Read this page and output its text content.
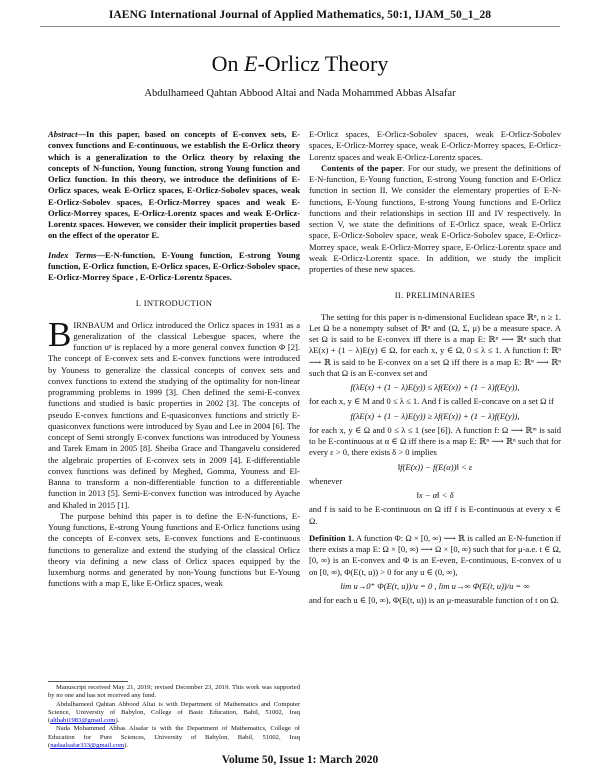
IAENG International Journal of Applied Mathematics, 50:1, IJAM_50_1_28
On E-Orlicz Theory
Abdulhameed Qahtan Abbood Altai and Nada Mohammed Abbas Alsafar

Abstract—In this paper, based on concepts of E-convex sets, E-convex functions and E-continuous, we establish the E-Orlicz theory which is a generalization to the Orlicz theory by relaxing the concepts of N-function, Young function, strong Young function and Orlicz function. In this theory, we introduce the definitions of E-Orlicz spaces, weak E-Orlicz spaces, E-Orlicz-Sobolev spaces, weak E-Orlicz-Sobolev spaces, E-Orlicz-Morrey spaces and weak E-Orlicz-Morrey spaces, E-Orlicz-Lorentz spaces and weak E-Orlicz-Lorentz spaces. However, we consider their implicit properties based on the effect of the operator E.

Index Terms—E-N-function, E-Young function, E-strong Young function, E-Orlicz function, E-Orlicz spaces, E-Orlicz-Sobolev space, E-Orlicz-Morrey Space , E-Orlicz-Lorentz Spaces.

I. INTRODUCTION

BIRNBAUM and Orlicz introduced the Orlicz spaces in 1931 as a generalization of the classical Lebesgue spaces, where the function uᵖ is replaced by a more general convex function Φ [2]. The concept of E-convex sets and E-convex functions were introduced by Youness to generalize the classical concepts of convex sets and convex functions to extend the studying of the optimality for non-linear programming problems in 1999 [3]. Chen defined the semi-E-convex functions and studied is basic properties in 2002 [3]. The concepts of pseudo E-convex functions and E-quasiconvex functions and strictly E-quasiconvex functions were introduced by Syau and Lee in 2004 [6]. The concept of Semi strongly E-convex functions was introduced by Youness and Tarek Emam in 2005 [8]. Sheiba Grace and Thangavelu considered the algebraic properties of E-convex sets in 2009 [4]. E-differentiable convex functions was defined by Meghed, Gomma, Youness and El-Banna to transform a non-differentiable function to a differentiable function in 2013 [5]. Semi-E-convex function was introduced by Ayache and Khaled in 2015 [1].

The purpose behind this paper is to define the E-N-functions, E-Young functions, E-strong Young functions and E-Orlicz functions using the concepts of E-convex sets, E-convex functions and E-continuous functions to generalize and extend the studying of the classical Orlicz theory via defining a new class of Orlicz spaces equipped by the luxemburg norms and generated by non-Young functions but E-Young functions with a map E, like E-Orlicz spaces, weak

Manuscript received May 21, 2019; revised December 23, 2019. This work was supported by no one and has not received any fund.

Abdulhameed Qahtan Abbood Altai is with Department of Mathematics and Computer Science, University of Babylon, College of Basic Education, Babil, 51002, Iraq (althabi1983@gmail.com).

Nada Mohammed Abbas Alsafar is with the Department of Mathematics, College of Education for Pure Sciences, University of Babylon, Babil, 51002, Iraq (nadaalsafar333@gmail.com).

E-Orlicz spaces, E-Orlicz-Sobolev spaces, weak E-Orlicz-Sobolev spaces, E-Orlicz-Morrey space, weak E-Orlicz-Morrey spaces, E-Orlicz-Lorentz spaces and weak E-Orlicz-Lorentz spaces.

Contents of the paper. For our study, we present the definitions of E-N-function, E-Young function, E-strong Young function and E-Orlicz function in section II. We consider the elementary properties of E-N-functions, E-Young functions, E-strong Young functions and E-Orlicz functions and their relationships in section III and IV respectively. In section V, we state the definitions of E-Orlicz space, weak E-Orlicz space, E-Orlicz-Sobolev space, weak E-Orlicz-Sobolev space, E-Orlicz-Morrey space, weak E-Orlicz-Morrey space, E-Orlicz-Lorentz space and weak E-Orlicz-Lorentz space. In addition, we study the implicit properties of these new spaces.

II. PRELIMINARIES

The setting for this paper is n-dimensional Euclidean space ℝⁿ, n ≥ 1. Let Ω be a nonempty subset of ℝⁿ and (Ω, Σ, μ) be a measure space. A set Ω is said to be E-convex iff there is a map E: ℝⁿ ⟶ ℝⁿ such that λE(x) + (1 − λ)E(y) ∈ Ω, for each x, y ∈ Ω, 0 ≤ λ ≤ 1. A function f: ℝⁿ ⟶ ℝ is said to be E-convex on a set Ω iff there is a map E: ℝⁿ ⟶ ℝⁿ such that Ω is an E-convex set and

f(λE(x) + (1 − λ)E(y)) ≤ λf(E(x)) + (1 − λ)f(E(y)),

for each x, y ∈ M and 0 ≤ λ ≤ 1. And f is called E-concave on a set Ω if

f(λE(x) + (1 − λ)E(y)) ≥ λf(E(x)) + (1 − λ)f(E(y)),

for each x, y ∈ Ω and 0 ≤ λ ≤ 1 (see [6]). A function f: Ω ⟶ ℝᵐ is said to be E-continuous at α ∈ Ω iff there is a map E: ℝⁿ ⟶ ℝⁿ such that for every ε > 0, there exists δ > 0 implies

‖f(E(x)) − f(E(α))‖ < ε

whenever

‖x − α‖ < δ

and f is said to be E-continuous on Ω iff f is E-continuous at every x ∈ Ω.

Definition 1. A function Φ: Ω × [0, ∞) ⟶ ℝ is called an E-N-function if there exists a map E: Ω × [0, ∞) ⟶ Ω × [0, ∞) such that for μ-a.e. t ∈ Ω, [0, ∞) is an E-convex and Φ is an E-even, E-continuous, E-convex of u on [0, ∞), Φ(E(t, u)) > 0 for any u ∈ (0, ∞),

lim u→0⁺ Φ(E(t, u))/u = 0 , lim u→∞ Φ(E(t, u))/u = ∞

and for each u ∈ [0, ∞), Φ(E(t, u)) is an μ-measurable function of t on Ω.

Volume 50, Issue 1: March 2020
